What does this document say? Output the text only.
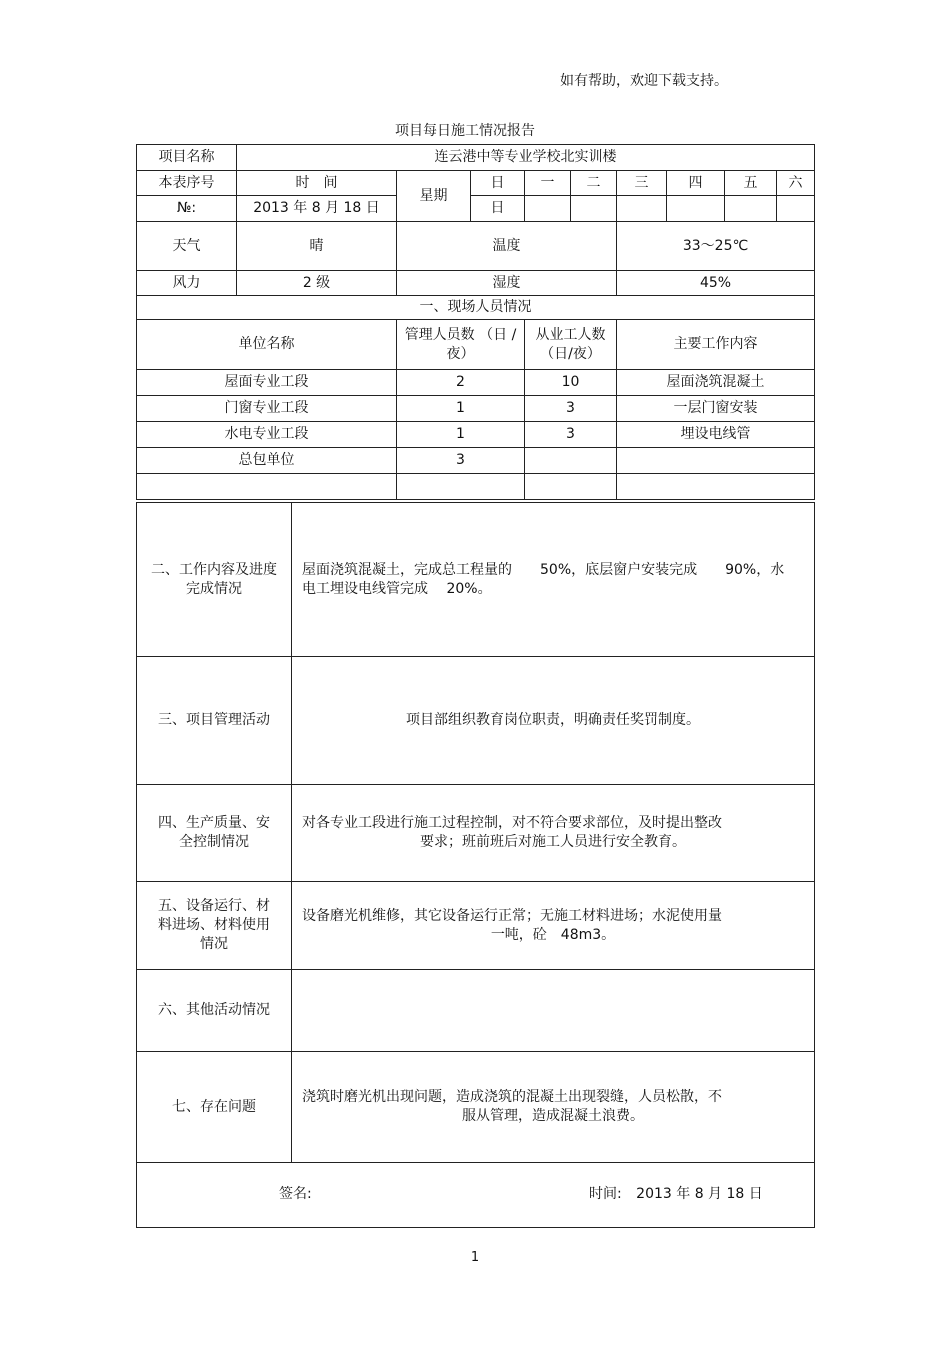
如有帮助，欢迎下载支持。
项目每日施工情况报告
项目名称	连云港中等专业学校北实训楼								
本表序号	时　间	星期	日	一	二	三	四	五	六
№:	2013 年 8 月 18 日		日						
天气	晴	温度				33～25℃			
风力	2 级	湿度				45%			
一、现场人员情况									
单位名称		管理人员数 （日 /夜）		从业工人数（日/夜）		主要工作内容			
屋面专业工段		2		10		屋面浇筑混凝土			
门窗专业工段		1		3		一层门窗安装			
水电专业工段		1		3		埋设电线管			
总包单位		3							

二、工作内容及进度完成情况	屋面浇筑混凝土，完成总工程量的　　50%，底层窗户安装完成　　90%，水
电工埋设电线管完成　 20%。

三、项目管理活动	项目部组织教育岗位职责，明确责任奖罚制度。

四、生产质量、安全控制情况	对各专业工段进行施工过程控制，对不符合要求部位，及时提出整改
要求；班前班后对施工人员进行安全教育。

五、设备运行、材料进场、材料使用情况	设备磨光机维修，其它设备运行正常；无施工材料进场；水泥使用量
一吨，砼　48m3。

六、其他活动情况	
七、存在问题	浇筑时磨光机出现问题，造成浇筑的混凝土出现裂缝，人员松散，不
服从管理，造成混凝土浪费。

签名: 时间: 2013 年 8 月 18 日	
1
